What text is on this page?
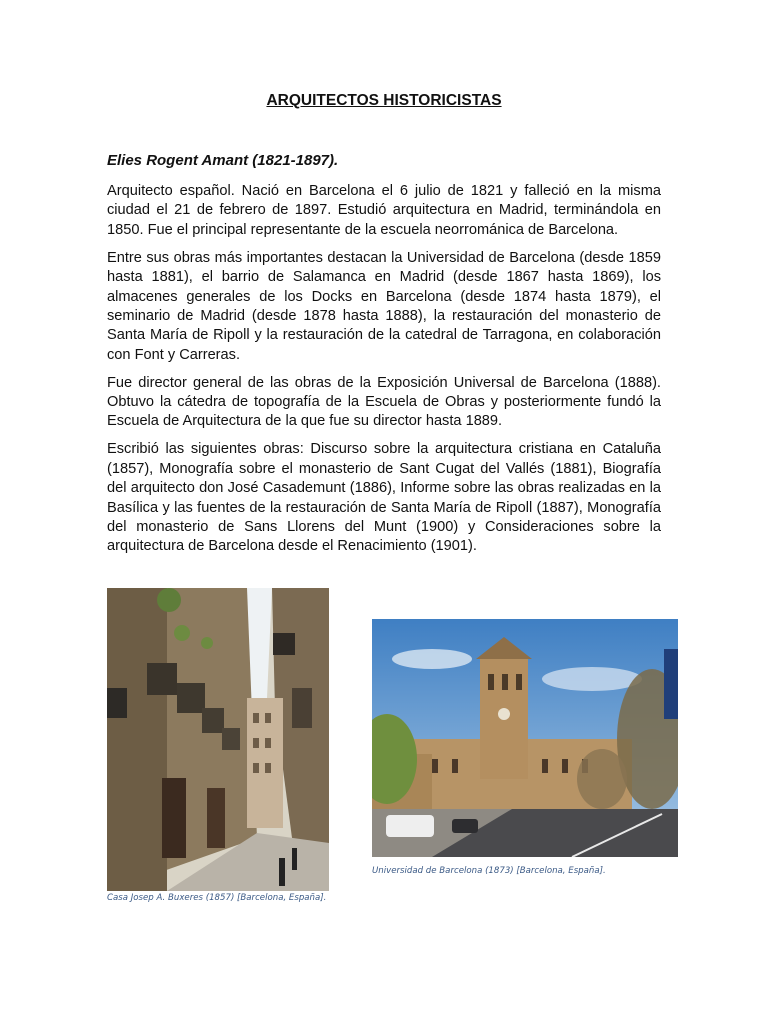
ARQUITECTOS HISTORICISTAS
Elies Rogent Amant (1821-1897).

Arquitecto español. Nació en Barcelona el 6 julio de 1821 y falleció en la misma ciudad el 21 de febrero de 1897. Estudió arquitectura en Madrid, terminándola en 1850. Fue el principal representante de la escuela neorrománica de Barcelona.

Entre sus obras más importantes destacan la Universidad de Barcelona (desde 1859 hasta 1881), el barrio de Salamanca en Madrid (desde 1867 hasta 1869), los almacenes generales de los Docks en Barcelona (desde 1874 hasta 1879), el seminario de Madrid (desde 1878 hasta 1888), la restauración del monasterio de Santa María de Ripoll y la restauración de la catedral de Tarragona, en colaboración con Font y Carreras.

Fue director general de las obras de la Exposición Universal de Barcelona (1888). Obtuvo la cátedra de topografía de la Escuela de Obras y posteriormente fundó la Escuela de Arquitectura de la que fue su director hasta 1889.

Escribió las siguientes obras: Discurso sobre la arquitectura cristiana en Cataluña (1857), Monografía sobre el monasterio de Sant Cugat del Vallés (1881), Biografía del arquitecto don José Casademunt (1886), Informe sobre las obras realizadas en la Basílica y las fuentes de la restauración de Santa María de Ripoll (1887), Monografía del monasterio de Sans Llorens del Munt (1900) y Consideraciones sobre la arquitectura de Barcelona desde el Renacimiento (1901).

Casa Josep A. Buxeres (1857) [Barcelona, España].
Universidad de Barcelona (1873) [Barcelona, España].
